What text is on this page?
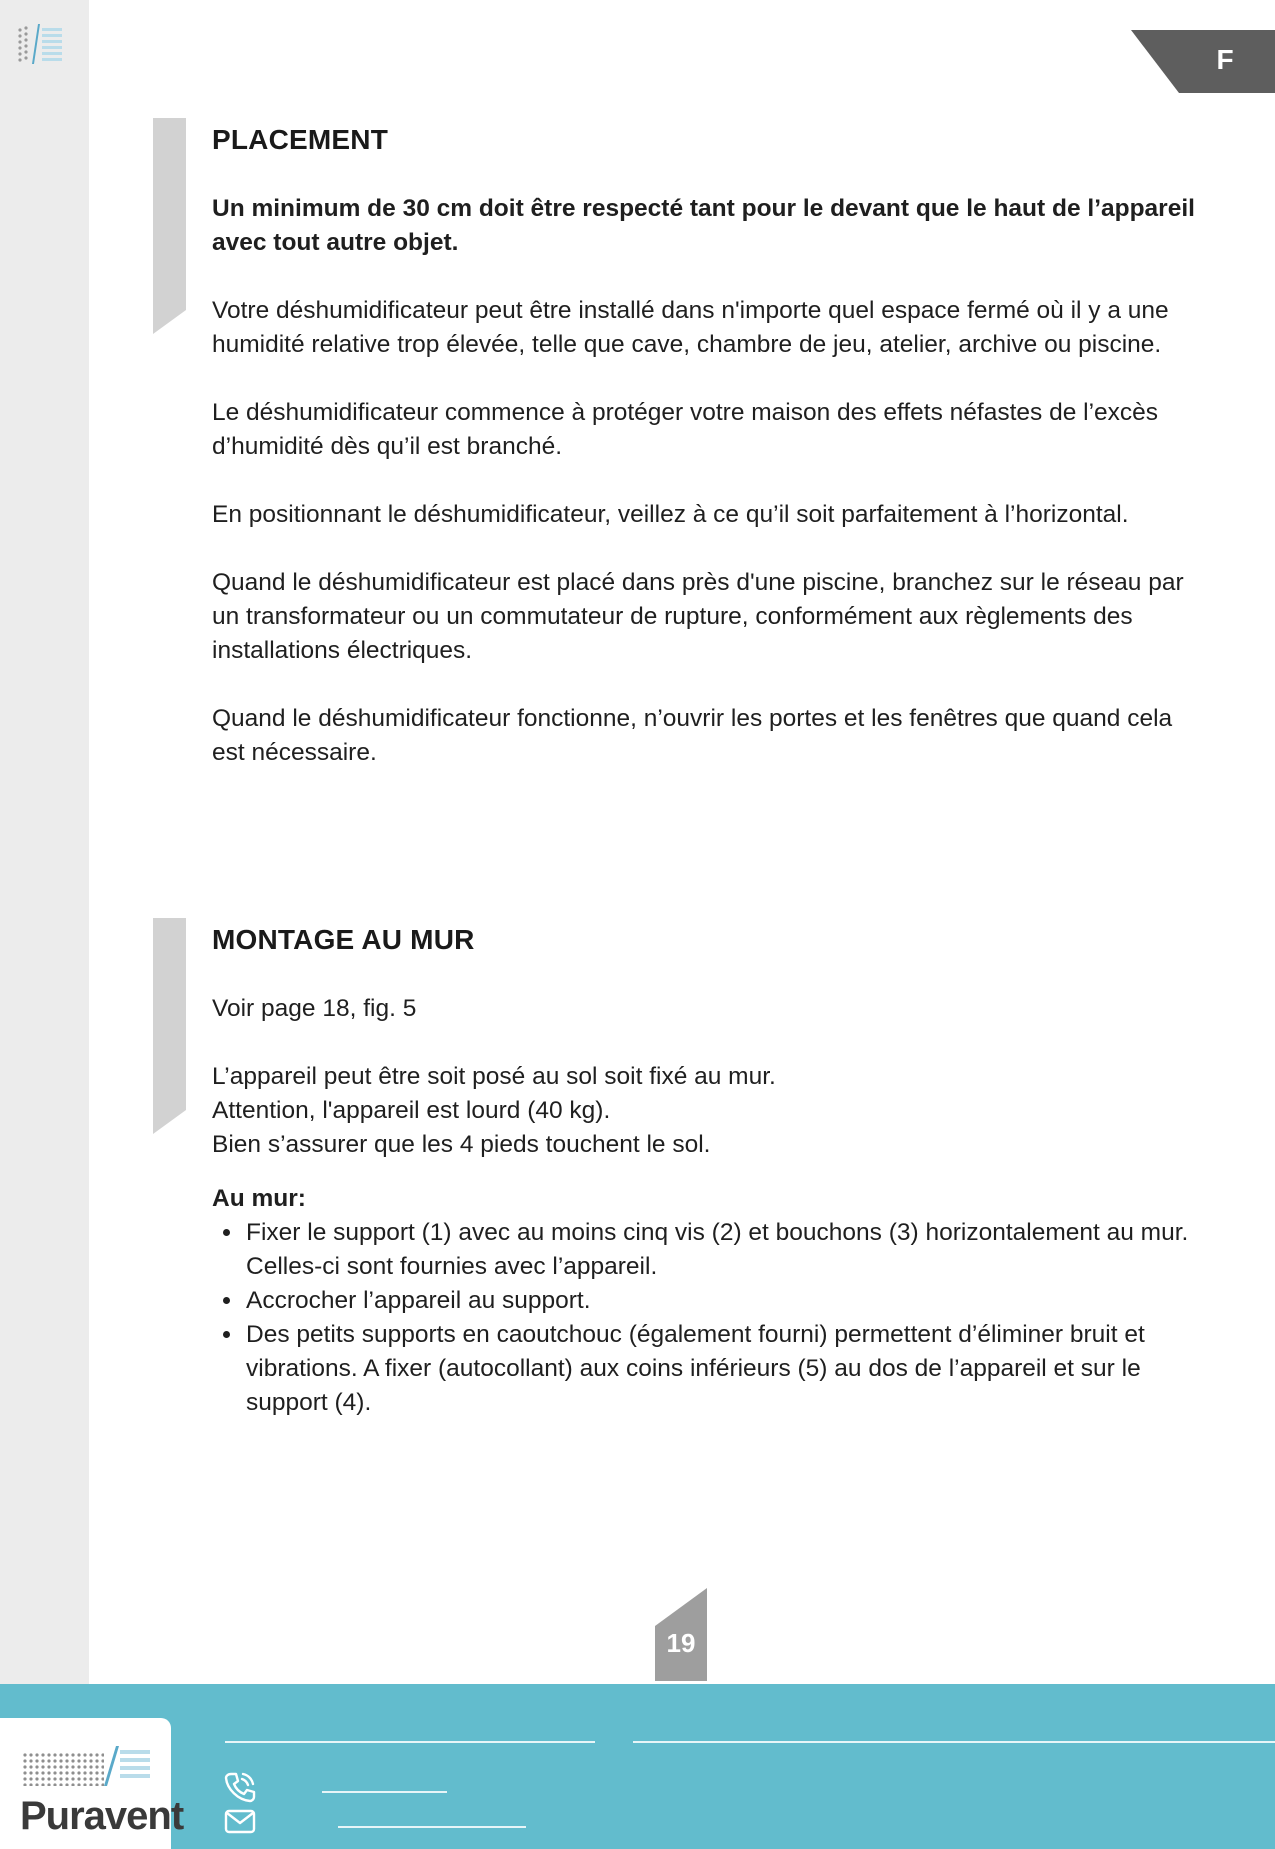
F
PLACEMENT

Un minimum de 30 cm doit être respecté tant pour le devant que le haut de l’appareil avec tout autre objet.

Votre déshumidificateur peut être installé dans n'importe quel espace fermé où il y a une humidité relative trop élevée, telle que cave, chambre de jeu, atelier, archive ou piscine.

Le déshumidificateur commence à protéger votre maison des effets néfastes de l’excès d’humidité dès qu’il est branché.

En positionnant le déshumidificateur, veillez à ce qu’il soit parfaitement à l’horizontal.

Quand le déshumidificateur est placé dans près d'une piscine, branchez sur le réseau par un transformateur ou un commutateur de rupture, conformément aux règlements des installations électriques.

Quand le déshumidificateur fonctionne, n’ouvrir les portes et les fenêtres que quand cela est nécessaire.

MONTAGE AU MUR

Voir page 18, fig. 5

L’appareil peut être soit posé au sol soit fixé au mur.

Attention, l'appareil est lourd (40 kg).

Bien s’assurer que les 4 pieds touchent le sol.

Au mur:
• Fixer le support (1) avec au moins cinq vis (2) et bouchons (3) horizontalement au mur. Celles-ci sont fournies avec l’appareil.
• Accrocher l’appareil au support.
• Des petits supports en caoutchouc (également fourni) permettent d’éliminer bruit et vibrations. A fixer (autocollant) aux coins inférieurs (5) au dos de l’appareil et sur le support (4).
19
Puravent
